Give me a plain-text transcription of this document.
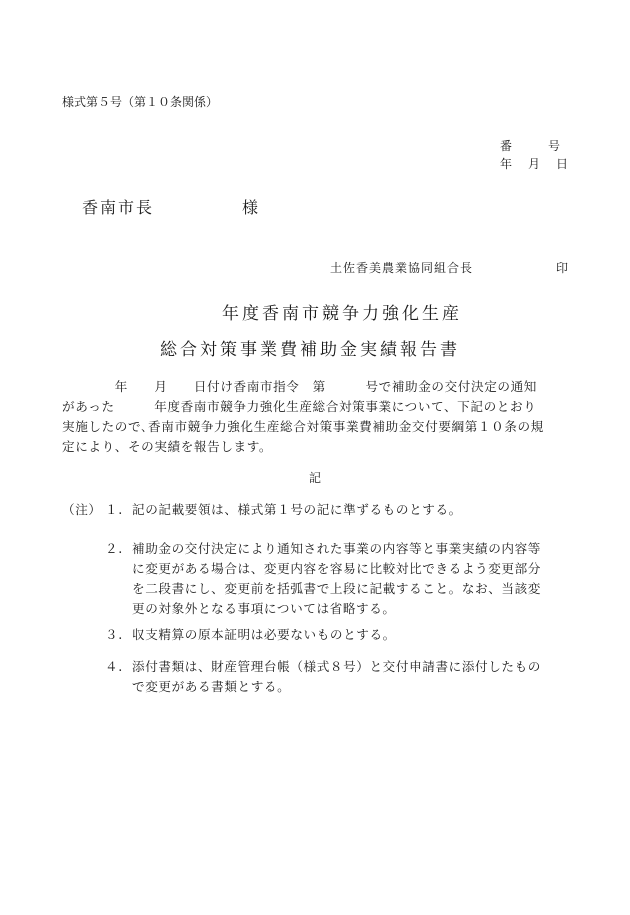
様式第５号（第１０条関係）
番　　　号
年　月　日
香南市長	様
土佐香美農業協同組合長	印
年度香南市競争力強化生産
総合対策事業費補助金実績報告書
　　　　年　　月　　日付け香南市指令　第　　　号で補助金の交付決定の通知
があった　　　年度香南市競争力強化生産総合対策事業について、下記のとおり
実施したので､香南市競争力強化生産総合対策事業費補助金交付要綱第１０条の規
定により、その実績を報告します。
記
（注） １. 記の記載要領は、様式第１号の記に準ずるものとする。
２. 補助金の交付決定により通知された事業の内容等と事業実績の内容等
に変更がある場合は、変更内容を容易に比較対比できるよう変更部分
を二段書にし、変更前を括弧書で上段に記載すること。なお、当該変
更の対象外となる事項については省略する。
３. 収支精算の原本証明は必要ないものとする。
４. 添付書類は、財産管理台帳（様式８号）と交付申請書に添付したもの
で変更がある書類とする。
